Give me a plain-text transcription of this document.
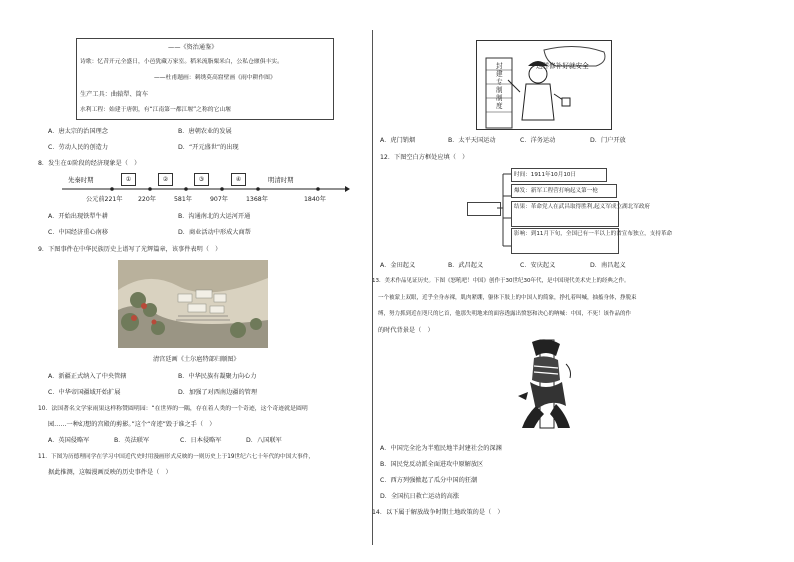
——《资治通鉴》
诗歌：忆昔开元全盛日，小邑犹藏万家室。稻米流脂粟米白，公私仓廪俱丰实。
——杜甫题画：刺绣莫高窟壁画《雨中耕作图》
生产工具：曲辕犁、筒车
水利工程：始建于唐朝，有“江南第一都江堰”之称的它山堰
A．唐太宗的治国理念	B．唐朝农业的发展
C．劳动人民的创造力	D．“开元盛世”的出现
8．发生在①阶段的经济现象是（　）
先秦时期	明清时期
①	②	③	④
公元前221年 220年	581年	907年	1368年	1840年
A．开始出现铁犁牛耕	B．沟通南北的大运河开通
C．中国经济重心南移	D．商业活动中形成大商帮
9．下图事件在中华民族历史上谱写了光辉篇章，该事件表明（　）
清宫廷画《土尔扈特部归顺图》
A．新疆正式纳入了中央管辖	B．中华民族有凝聚力向心力
C．中华帝国疆域开始扩展	D．加强了对西南边疆的管理
10．法国著名文学家雨果这样称赞圆明园：“在世界的一隅，存在着人类的一个奇迹，这个奇迹就是圆明
园……一种幻想的宫殿的剪影。”这个“奇迹”毁于谁之手（　）
A．英国侵略军	B．英法联军	C．日本侵略军	D．八国联军
11．下图为历德理同学在学习中国近代史时用漫画形式反映的一则历史上于19世纪六七十年代的中国大事件，
据此推测，这幅漫画反映的历史事件是（　）
这样修补好就安全
封建专制制度
A．虎门销烟	B．太平天国运动	C．洋务运动	D．门户开放
12．下图空白方框处应填（　）
时间：1911年10月10日
爆发：新军工程营打响起义第一枪
结果：革命党人在武昌取得胜利,起义军成立湖北军政府
影响：到11月下旬，全国已有一半以上的省宣布独立，支持革命
A．金田起义	B．武昌起义	C．安庆起义	D．南昌起义
13．美术作品见证历史。下图《怒吼吧！中国》创作于30世纪30年代，是中国现代美术史上的经典之作。
一个被蒙上双眼，近乎全身赤裸，肌肉紧绷，躯体下肢上的中国人的简象，挣扎着叫喊，抽搐身体，挣脱束
缚，努力抓到近在咫尺的匕首，他那失明地来的面容透露出愤怒和决心的呐喊：中国，不死！该作品的作
的时代背景是（　）
A．中国完全沦为半殖民地半封建社会的深渊
B．国民党反动派全面进攻中原解放区
C．西方列强掀起了瓜分中国的狂潮
D．全国抗日救亡运动的高涨
14．以下属于解放战争时期土地政策的是（　）
